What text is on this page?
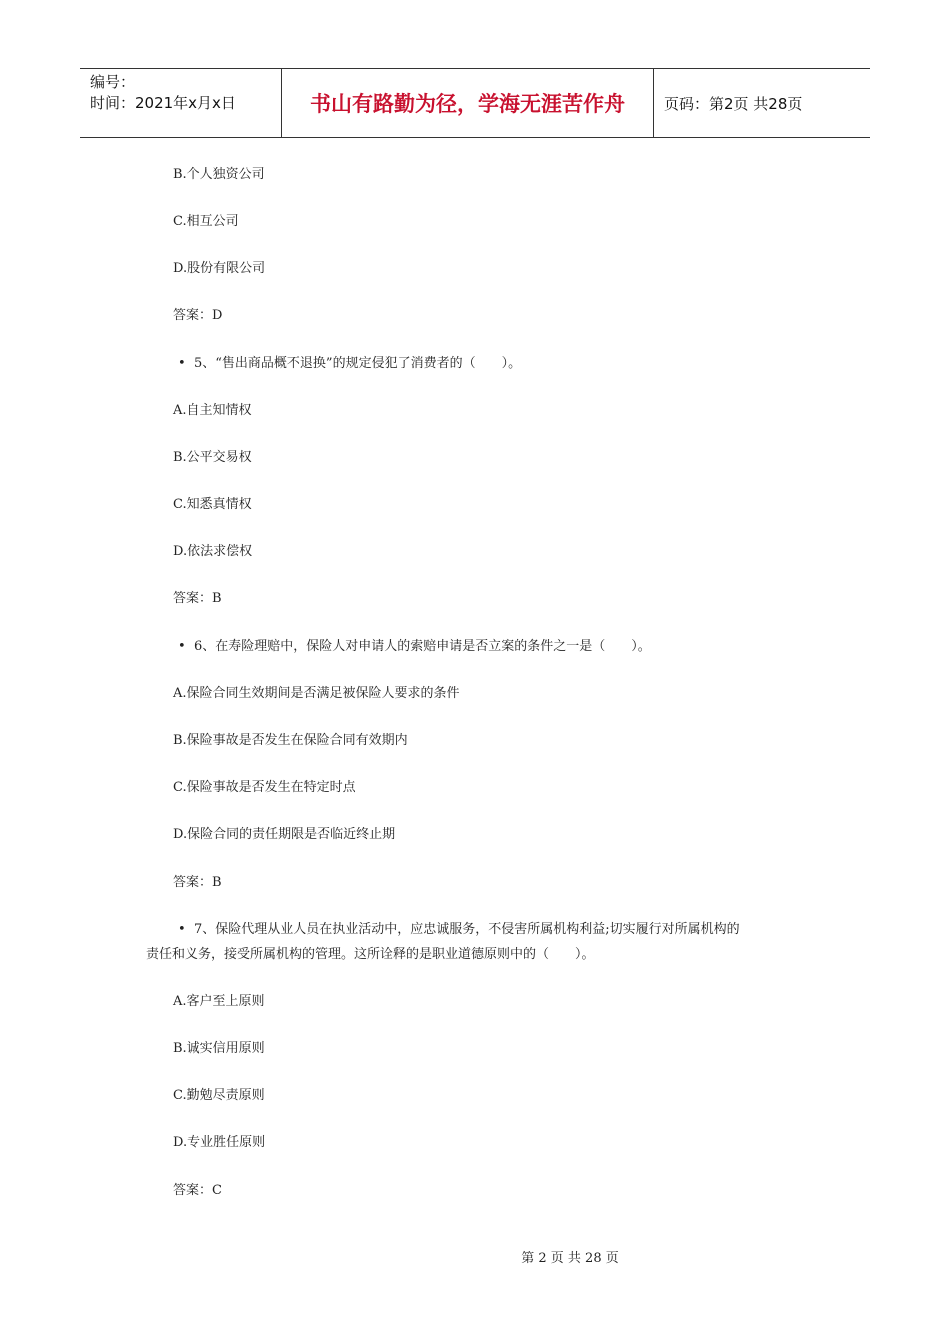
编号：
时间：2021年x月x日	书山有路勤为径，学海无涯苦作舟	页码：第2页 共28页
B.个人独资公司
C.相互公司
D.股份有限公司
答案：D
• 5、“售出商品概不退换”的规定侵犯了消费者的（　　）。
A.自主知情权
B.公平交易权
C.知悉真情权
D.依法求偿权
答案：B
• 6、在寿险理赔中，保险人对申请人的索赔申请是否立案的条件之一是（　　）。
A.保险合同生效期间是否满足被保险人要求的条件
B.保险事故是否发生在保险合同有效期内
C.保险事故是否发生在特定时点
D.保险合同的责任期限是否临近终止期
答案：B
• 7、保险代理从业人员在执业活动中，应忠诚服务，不侵害所属机构利益;切实履行对所属机构的
责任和义务，接受所属机构的管理。这所诠释的是职业道德原则中的（　　）。
A.客户至上原则
B.诚实信用原则
C.勤勉尽责原则
D.专业胜任原则
答案：C
第 2 页 共 28 页
